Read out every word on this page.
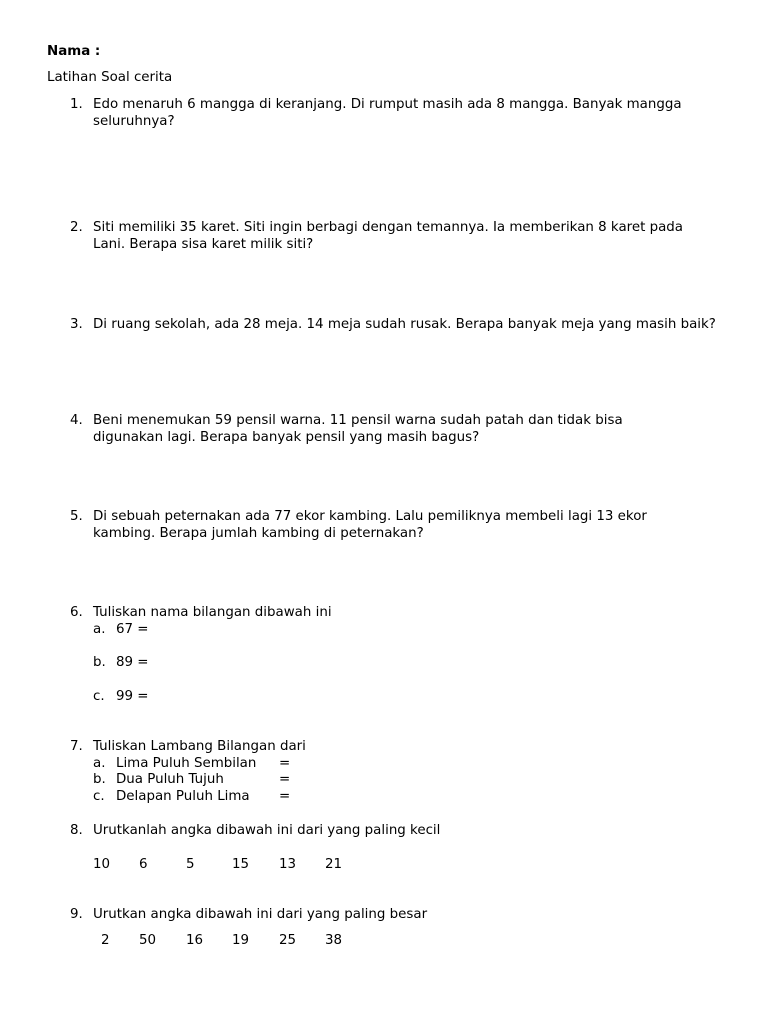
Nama :
Latihan Soal cerita
1. Edo menaruh 6 mangga di keranjang. Di rumput masih ada 8 mangga. Banyak mangga seluruhnya?
2. Siti memiliki 35 karet. Siti ingin berbagi dengan temannya. Ia memberikan 8 karet pada Lani. Berapa sisa karet milik siti?
3. Di ruang sekolah, ada 28 meja. 14 meja sudah rusak. Berapa banyak meja yang masih baik?
4. Beni menemukan 59 pensil warna. 11 pensil warna sudah patah dan tidak bisa digunakan lagi. Berapa banyak pensil yang masih bagus?
5. Di sebuah peternakan ada 77 ekor kambing. Lalu pemiliknya membeli lagi 13 ekor kambing. Berapa jumlah kambing di peternakan?
6. Tuliskan nama bilangan dibawah ini
a. 67 =
b. 89 =
c. 99 =
7. Tuliskan Lambang Bilangan dari
a. Lima Puluh Sembilan =
b. Dua Puluh Tujuh	=
c. Delapan Puluh Lima =
8. Urutkanlah angka dibawah ini dari yang paling kecil
10 6	5	15 13 21
9. Urutkan angka dibawah ini dari yang paling besar
2 50 16 19 25 38
